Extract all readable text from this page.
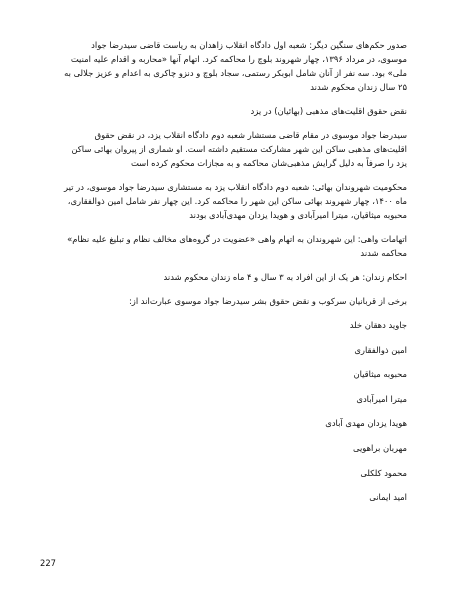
صدور حکم‌های سنگین دیگر: شعبه اول دادگاه انقلاب زاهدان به ریاست قاضی سیدرضا جواد موسوی، در مرداد ۱۳۹۶، چهار شهروند بلوچ را محاکمه کرد. اتهام آنها «محاربه و اقدام علیه امنیت ملی» بود. سه نفر از آنان شامل ابوبکر رستمی، سجاد بلوچ و دنزو چاکری به اعدام و عزیز جلالی به ۲۵ سال زندان محکوم شدند

نقض حقوق اقلیت‌های مذهبی (بهائیان) در یزد

سیدرضا جواد موسوی در مقام قاضی مستشار شعبه دوم دادگاه انقلاب یزد، در نقض حقوق اقلیت‌های مذهبی ساکن این شهر مشارکت مستقیم داشته است. او شماری از پیروان بهائی ساکن یزد را صرفاً به دلیل گرایش مذهبی‌شان محاکمه و به مجازات محکوم کرده است

محکومیت شهروندان بهائی: شعبه دوم دادگاه انقلاب یزد به مستشاری سیدرضا جواد موسوی، در تیر ماه ۱۴۰۰، چهار شهروند بهائی ساکن این شهر را محاکمه کرد. این چهار نفر شامل امین ذوالفقاری، محبوبه میثاقیان، میترا امیرآبادی و هویدا یزدان مهدی‌آبادی بودند

اتهامات واهی: این شهروندان به اتهام واهی «عضویت در گروه‌های مخالف نظام و تبلیغ علیه نظام» محاکمه شدند

احکام زندان: هر یک از این افراد به ۳ سال و ۴ ماه زندان محکوم شدند

برخی از قربانیان سرکوب و نقض حقوق بشر سیدرضا جواد موسوی عبارت‌اند از:

جاوید دهقان خلد
امین ذوالفقاری
محبوبه میثاقیان
میترا امیرآبادی
هویدا یزدان مهدی آبادی
مهربان براهویی
محمود کلکلی
امید ایمانی
227
